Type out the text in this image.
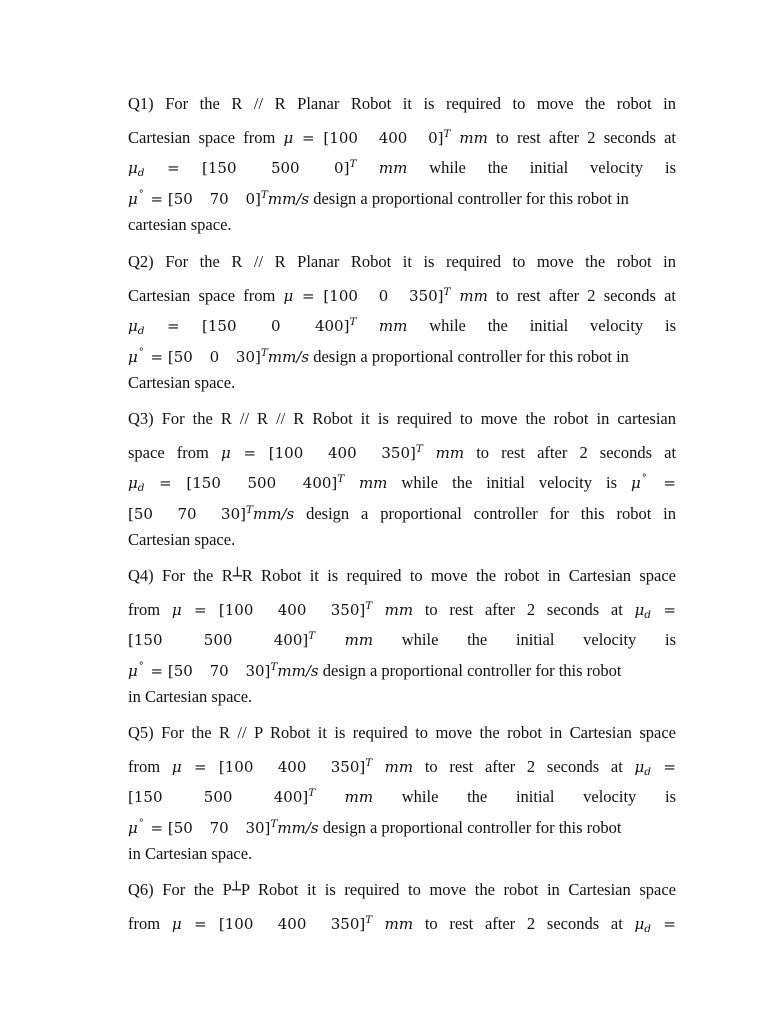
Q1) For the R // R Planar Robot it is required to move the robot in
Cartesian space from μ = [100 400 0]$^T$ mm to rest after 2 seconds at
$\mu_d = [150$ 500 0]$^T$ mm while the initial velocity is
μ° = [50 70 0]$^T$mm/s design a proportional controller for this robot in
cartesian space.
Q2) For the R // R Planar Robot it is required to move the robot in
Cartesian space from μ = [100 0 350]$^T$ mm to rest after 2 seconds at
$\mu_d = [150$ 0 400]$^T$ mm while the initial velocity is
μ° = [50 0 30]$^T$mm/s design a proportional controller for this robot in
Cartesian space.
Q3) For the R // R // R Robot it is required to move the robot in cartesian
space from μ = [100 400 350]$^T$ mm to rest after 2 seconds at
$\mu_d = [150$ 500 400]$^T$ mm while the initial velocity is μ° =
[50 70 30]$^T$mm/s design a proportional controller for this robot in
Cartesian space.
Q4) For the R┴R Robot it is required to move the robot in Cartesian space
from μ = [100 400 350]$^T$ mm to rest after 2 seconds at $\mu_d$ =
[150 500 400]$^T$ mm while the initial velocity is
μ° = [50 70 30]$^T$mm/s design a proportional controller for this robot
in Cartesian space.
Q5) For the R // P Robot it is required to move the robot in Cartesian space
from μ = [100 400 350]$^T$ mm to rest after 2 seconds at $\mu_d$ =
[150 500 400]$^T$ mm while the initial velocity is
μ° = [50 70 30]$^T$mm/s design a proportional controller for this robot
in Cartesian space.
Q6) For the P┴P Robot it is required to move the robot in Cartesian space
from μ = [100 400 350]$^T$ mm to rest after 2 seconds at $\mu_d$ =
